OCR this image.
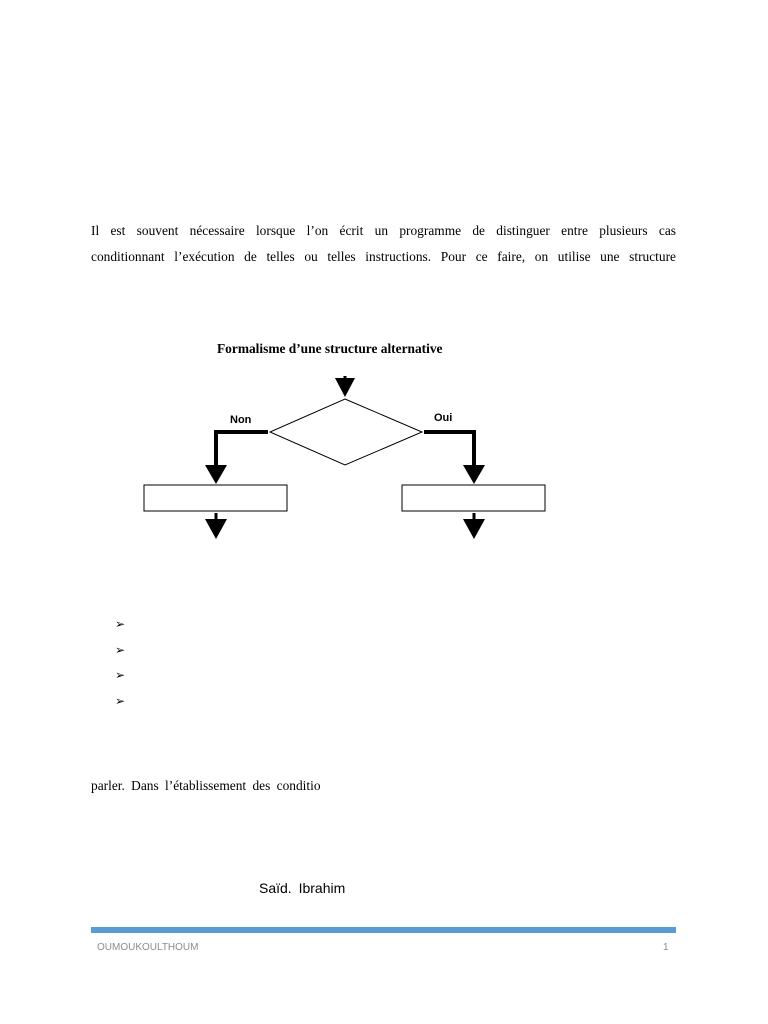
Il est souvent nécessaire lorsque l’on écrit un programme de distinguer entre plusieurs cas
conditionnant l’exécution de telles ou telles instructions. Pour ce faire, on utilise une structure
Formalisme d’une structure alternative
Non	Oui
➢
➢
➢
➢
parler. Dans l’établissement des conditio
Saïd. Ibrahim
OUMOUKOULTHOUM	1
